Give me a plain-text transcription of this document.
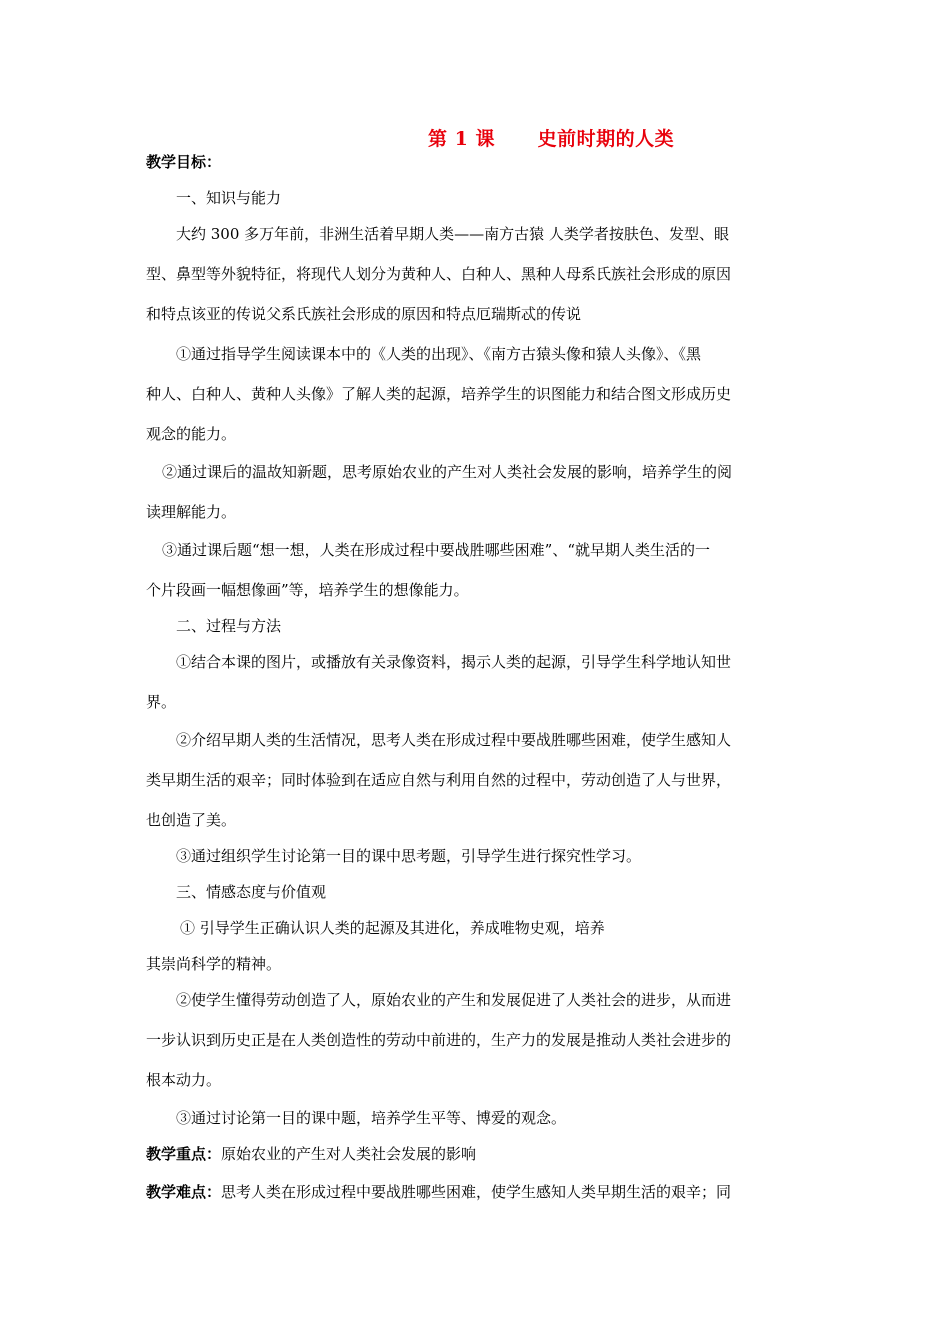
第 1 课      史前时期的人类
教学目标：
一、知识与能力
大约 300 多万年前，非洲生活着早期人类——南方古猿 人类学者按肤色、发型、眼
型、鼻型等外貌特征，将现代人划分为黄种人、白种人、黑种人母系氏族社会形成的原因
和特点该亚的传说父系氏族社会形成的原因和特点厄瑞斯忒的传说
①通过指导学生阅读课本中的《人类的出现》、《南方古猿头像和猿人头像》、《黑
种人、白种人、黄种人头像》了解人类的起源，培养学生的识图能力和结合图文形成历史
观念的能力。
②通过课后的温故知新题，思考原始农业的产生对人类社会发展的影响，培养学生的阅
读理解能力。
③通过课后题“想一想，人类在形成过程中要战胜哪些困难”、“就早期人类生活的一
个片段画一幅想像画”等，培养学生的想像能力。
二、过程与方法
①结合本课的图片，或播放有关录像资料，揭示人类的起源，引导学生科学地认知世
界。
②介绍早期人类的生活情况，思考人类在形成过程中要战胜哪些困难，使学生感知人
类早期生活的艰辛；同时体验到在适应自然与利用自然的过程中，劳动创造了人与世界，
也创造了美。
③通过组织学生讨论第一目的课中思考题，引导学生进行探究性学习。
三、情感态度与价值观
① 引导学生正确认识人类的起源及其进化，养成唯物史观，培养
其崇尚科学的精神。
②使学生懂得劳动创造了人，原始农业的产生和发展促进了人类社会的进步，从而进
一步认识到历史正是在人类创造性的劳动中前进的，生产力的发展是推动人类社会进步的
根本动力。
③通过讨论第一目的课中题，培养学生平等、博爱的观念。
教学重点：原始农业的产生对人类社会发展的影响
教学难点：思考人类在形成过程中要战胜哪些困难，使学生感知人类早期生活的艰辛；同
